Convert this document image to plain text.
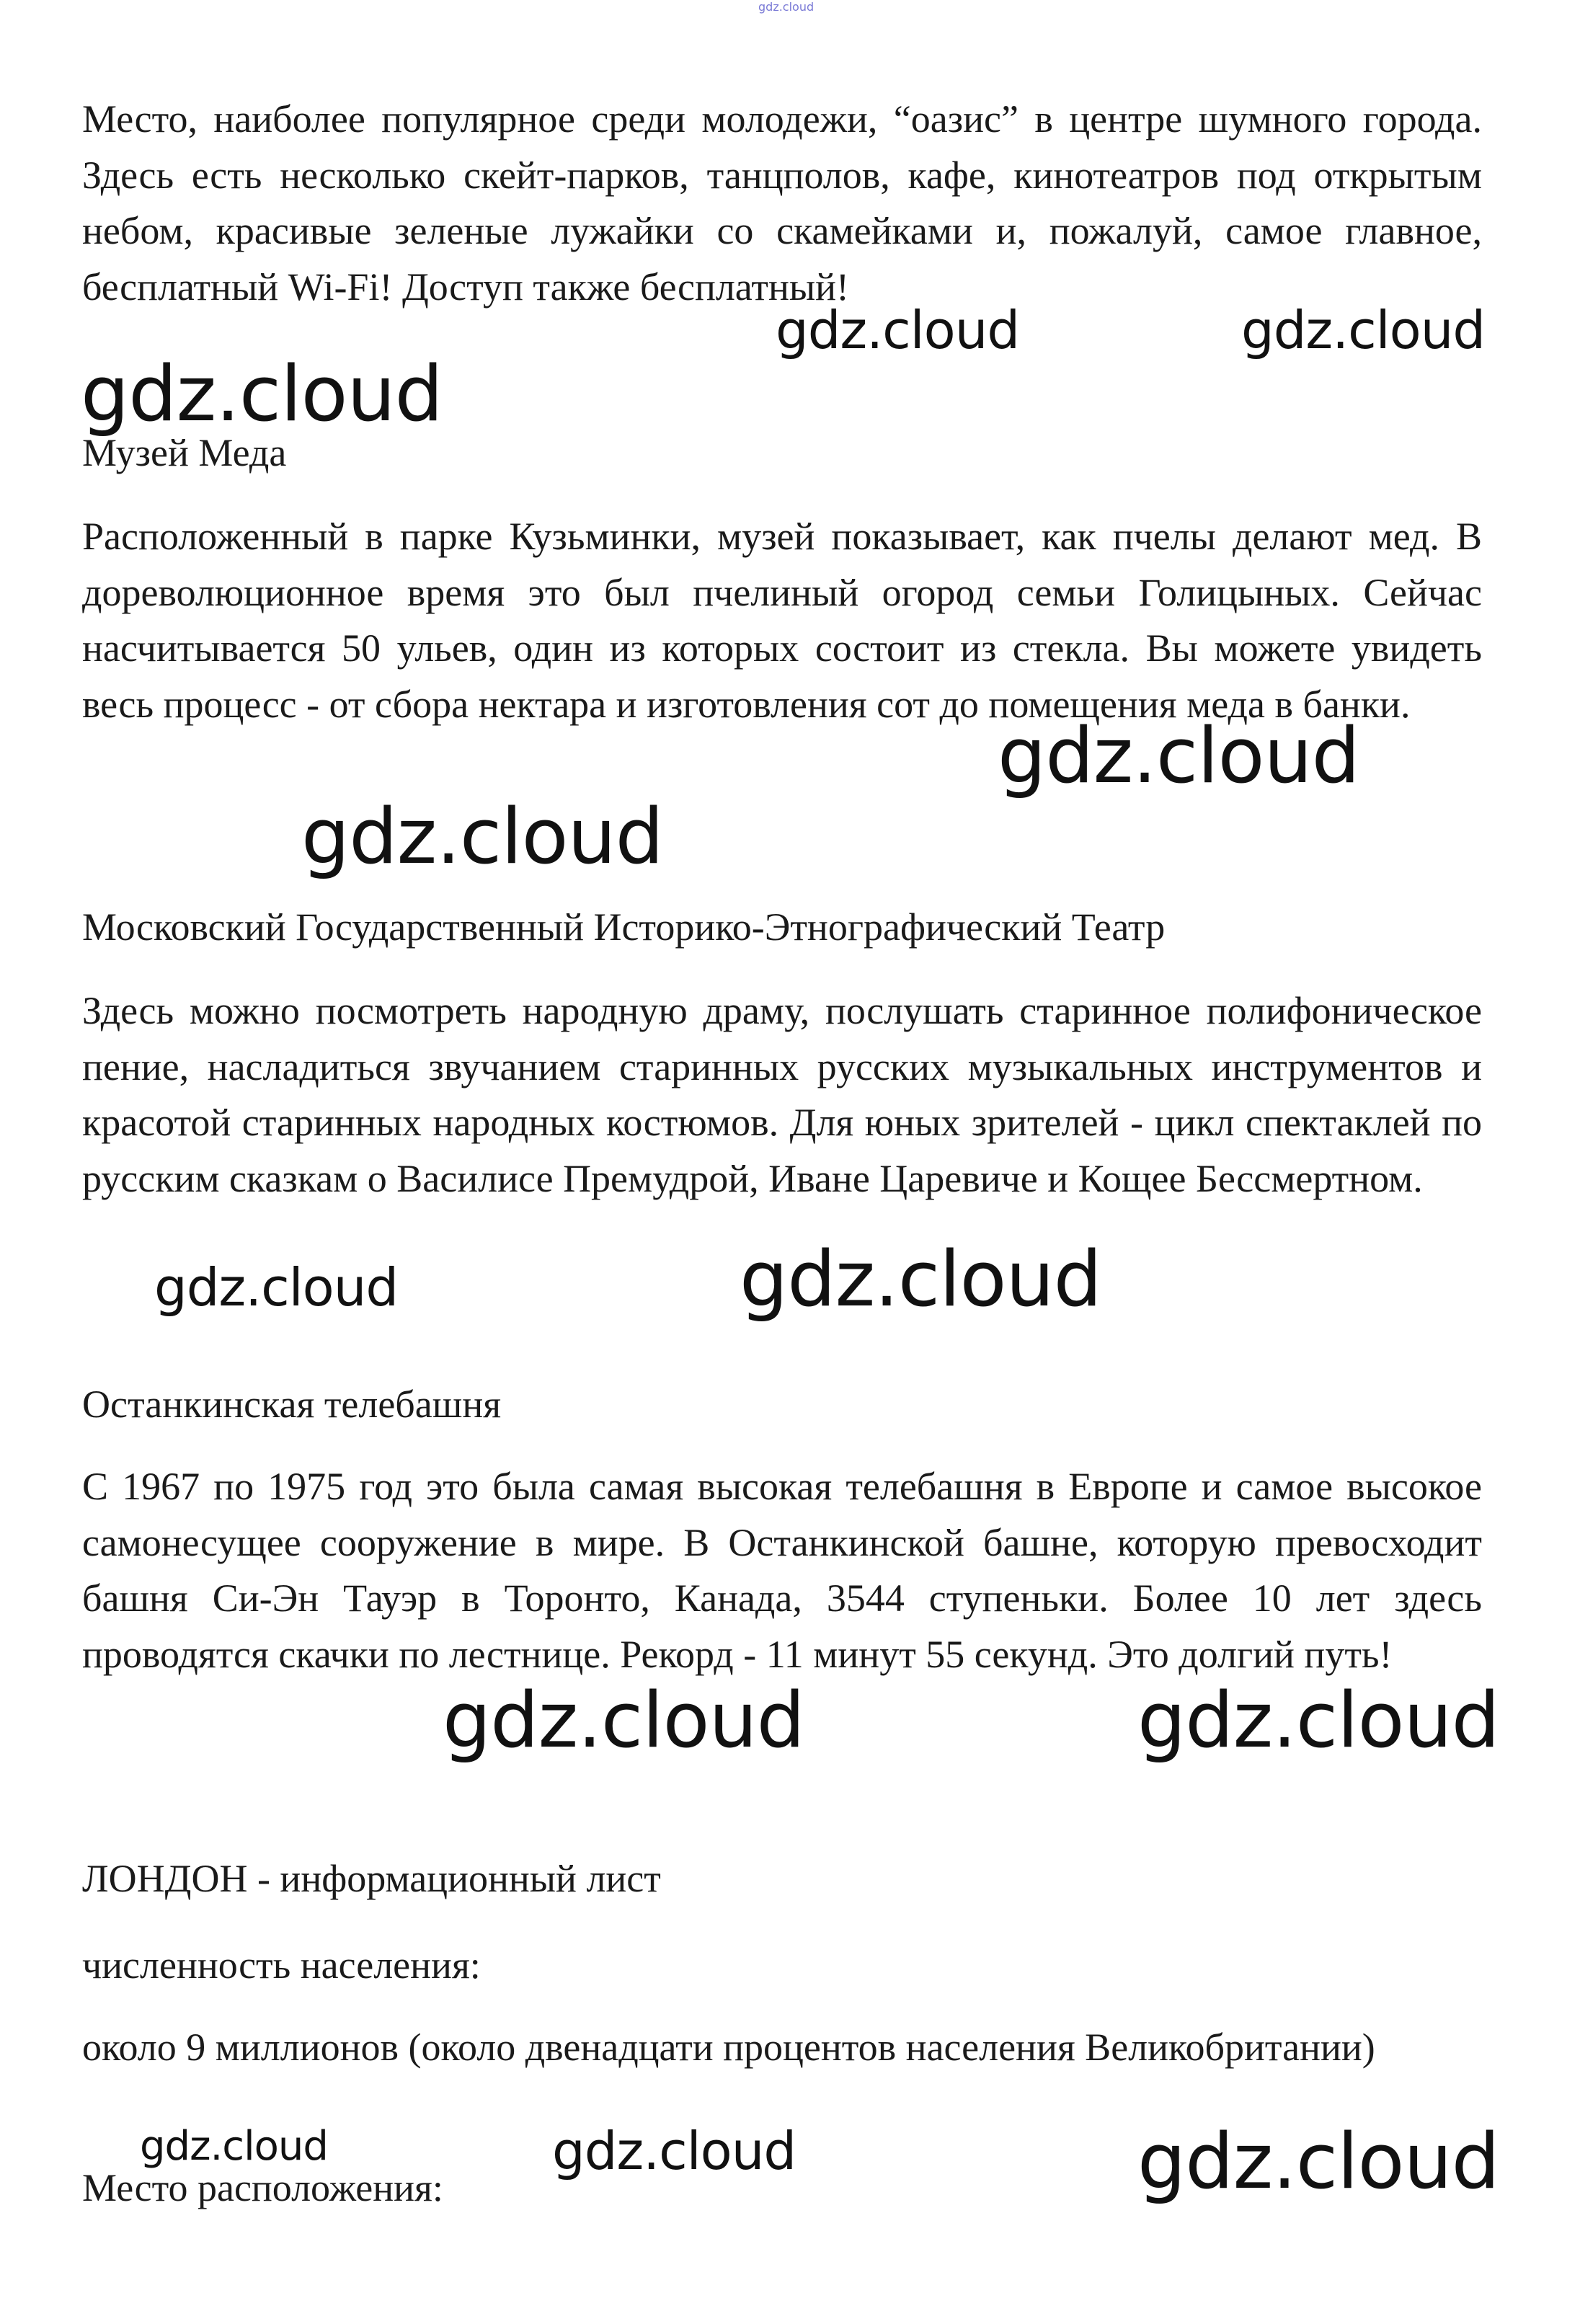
gdz.cloud

Место, наиболее популярное среди молодежи, “оазис” в центре шумного города. Здесь есть несколько скейт-парков, танцполов, кафе, кинотеатров под открытым небом, красивые зеленые лужайки со скамейками и, пожалуй, самое главное, бесплатный Wi-Fi! Доступ также бесплатный!

gdz.cloud	gdz.cloud
gdz.cloud

Музей Меда

Расположенный в парке Кузьминки, музей показывает, как пчелы делают мед. В дореволюционное время это был пчелиный огород семьи Голицыных. Сейчас насчитывается 50 ульев, один из которых состоит из стекла. Вы можете увидеть весь процесс - от сбора нектара и изготовления сот до помещения меда в банки.

gdz.cloud
gdz.cloud

Московский Государственный Историко-Этнографический Театр

Здесь можно посмотреть народную драму, послушать старинное полифоническое пение, насладиться звучанием старинных русских музыкальных инструментов и красотой старинных народных костюмов. Для юных зрителей - цикл спектаклей по русским сказкам о Василисе Премудрой, Иване Царевиче и Кощее Бессмертном.

gdz.cloud	gdz.cloud

Останкинская телебашня

С 1967 по 1975 год это была самая высокая телебашня в Европе и самое высокое самонесущее сооружение в мире. В Останкинской башне, которую превосходит башня Си-Эн Тауэр в Торонто, Канада, 3544 ступеньки. Более 10 лет здесь проводятся скачки по лестнице. Рекорд - 11 минут 55 секунд. Это долгий путь!

gdz.cloud	gdz.cloud

ЛОНДОН - информационный лист

численность населения:

около 9 миллионов (около двенадцати процентов населения Великобритании)

gdz.cloud	gdz.cloud	gdz.cloud

Место расположения:
